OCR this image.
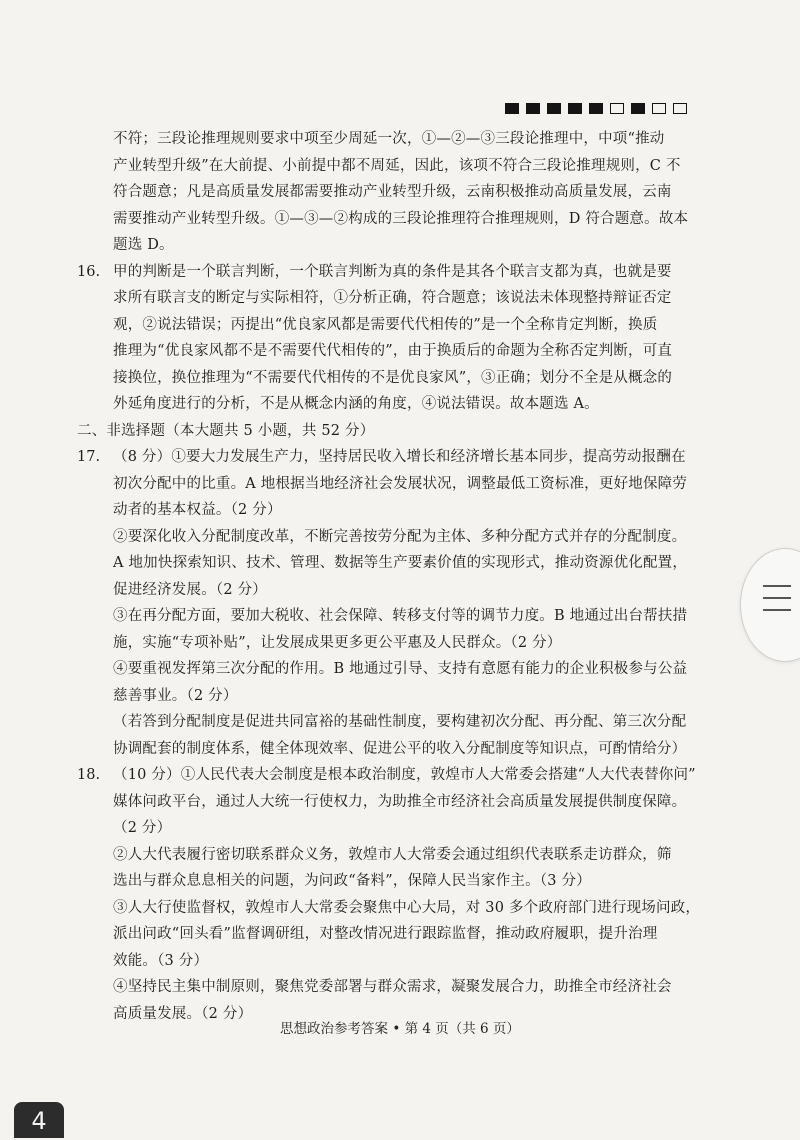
不符；三段论推理规则要求中项至少周延一次，①—②—③三段论推理中，中项“推动
产业转型升级”在大前提、小前提中都不周延，因此，该项不符合三段论推理规则，C 不
符合题意；凡是高质量发展都需要推动产业转型升级，云南积极推动高质量发展，云南
需要推动产业转型升级。①—③—②构成的三段论推理符合推理规则，D 符合题意。故本
题选 D。
16. 甲的判断是一个联言判断，一个联言判断为真的条件是其各个联言支都为真，也就是要
求所有联言支的断定与实际相符，①分析正确，符合题意；该说法未体现整持辩证否定
观，②说法错误；丙提出“优良家风都是需要代代相传的”是一个全称肯定判断，换质
推理为“优良家风都不是不需要代代相传的”，由于换质后的命题为全称否定判断，可直
接换位，换位推理为“不需要代代相传的不是优良家风”，③正确；划分不全是从概念的
外延角度进行的分析，不是从概念内涵的角度，④说法错误。故本题选 A。
二、非选择题（本大题共 5 小题，共 52 分）
17. （8 分）①要大力发展生产力，坚持居民收入增长和经济增长基本同步，提高劳动报酬在
初次分配中的比重。A 地根据当地经济社会发展状况，调整最低工资标准，更好地保障劳
动者的基本权益。（2 分）
②要深化收入分配制度改革，不断完善按劳分配为主体、多种分配方式并存的分配制度。
A 地加快探索知识、技术、管理、数据等生产要素价值的实现形式，推动资源优化配置，
促进经济发展。（2 分）
③在再分配方面，要加大税收、社会保障、转移支付等的调节力度。B 地通过出台帮扶措
施，实施“专项补贴”，让发展成果更多更公平惠及人民群众。（2 分）
④要重视发挥第三次分配的作用。B 地通过引导、支持有意愿有能力的企业积极参与公益
慈善事业。（2 分）
（若答到分配制度是促进共同富裕的基础性制度，要构建初次分配、再分配、第三次分配
协调配套的制度体系，健全体现效率、促进公平的收入分配制度等知识点，可酌情给分）
18. （10 分）①人民代表大会制度是根本政治制度，敦煌市人大常委会搭建“人大代表替你问”
媒体问政平台，通过人大统一行使权力，为助推全市经济社会高质量发展提供制度保障。
（2 分）
②人大代表履行密切联系群众义务，敦煌市人大常委会通过组织代表联系走访群众，筛
选出与群众息息相关的问题，为问政“备料”，保障人民当家作主。（3 分）
③人大行使监督权，敦煌市人大常委会聚焦中心大局，对 30 多个政府部门进行现场问政，
派出问政“回头看”监督调研组，对整改情况进行跟踪监督，推动政府履职，提升治理
效能。（3 分）
④坚持民主集中制原则，聚焦党委部署与群众需求，凝聚发展合力，助推全市经济社会
高质量发展。（2 分）
思想政治参考答案 • 第 4 页（共 6 页）
4
